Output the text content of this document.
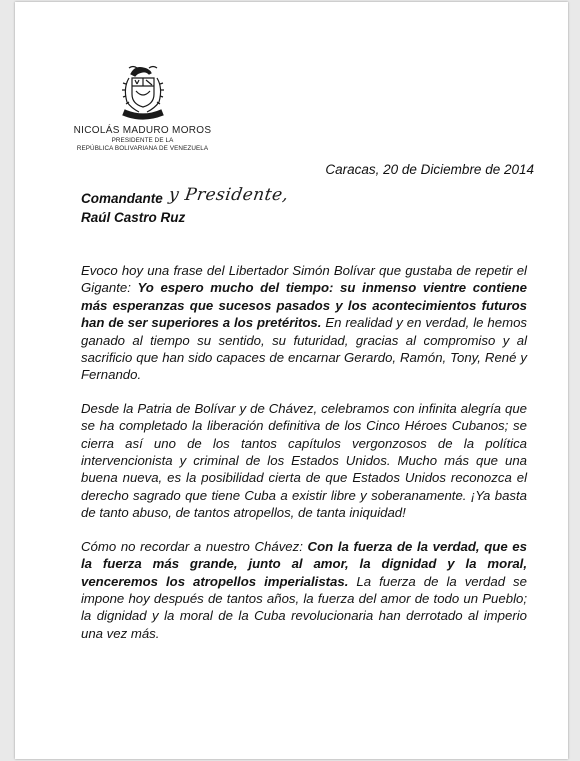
NICOLÁS MADURO MOROS
PRESIDENTE DE LA
REPÚBLICA BOLIVARIANA DE VENEZUELA
Caracas, 20 de Diciembre de 2014
Comandante y Presidente,
Raúl Castro Ruz

Evoco hoy una frase del Libertador Simón Bolívar que gustaba de repetir el Gigante: Yo espero mucho del tiempo: su inmenso vientre contiene más esperanzas que sucesos pasados y los acontecimientos futuros han de ser superiores a los pretéritos. En realidad y en verdad, le hemos ganado al tiempo su sentido, su futuridad, gracias al compromiso y al sacrificio que han sido capaces de encarnar Gerardo, Ramón, Tony, René y Fernando.

Desde la Patria de Bolívar y de Chávez, celebramos con infinita alegría que se ha completado la liberación definitiva de los Cinco Héroes Cubanos; se cierra así uno de los tantos capítulos vergonzosos de la política intervencionista y criminal de los Estados Unidos. Mucho más que una buena nueva, es la posibilidad cierta de que Estados Unidos reconozca el derecho sagrado que tiene Cuba a existir libre y soberanamente. ¡Ya basta de tanto abuso, de tantos atropellos, de tanta iniquidad!

Cómo no recordar a nuestro Chávez: Con la fuerza de la verdad, que es la fuerza más grande, junto al amor, la dignidad y la moral, venceremos los atropellos imperialistas. La fuerza de la verdad se impone hoy después de tantos años, la fuerza del amor de todo un Pueblo; la dignidad y la moral de la Cuba revolucionaria han derrotado al imperio una vez más.
